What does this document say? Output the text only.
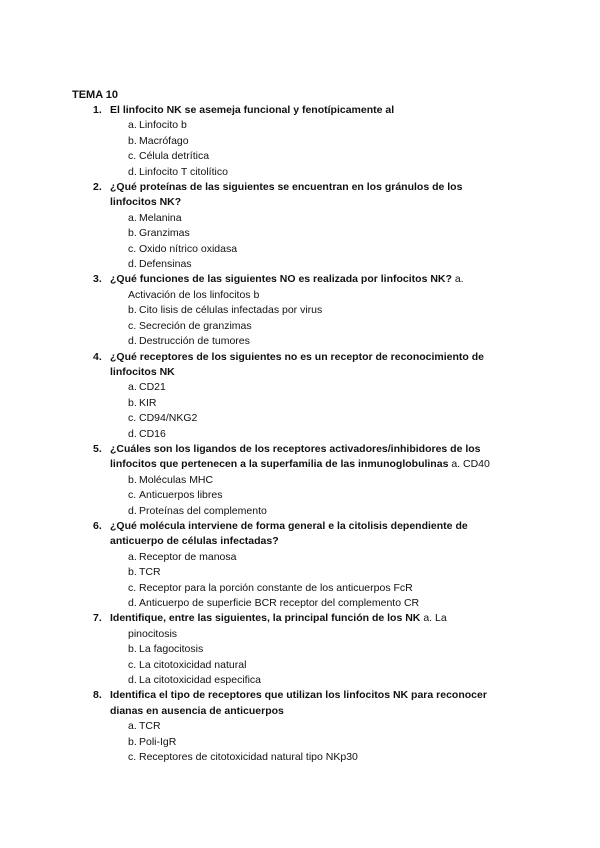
TEMA 10
1. El linfocito NK se asemeja funcional y fenotípicamente al
a. Linfocito b
b. Macrófago
c. Célula detrítica
d. Linfocito T citolítico
2. ¿Qué proteínas de las siguientes se encuentran en los gránulos de los linfocitos NK?
a. Melanina
b. Granzimas
c. Oxido nítrico oxidasa
d. Defensinas
3. ¿Qué funciones de las siguientes NO es realizada por linfocitos NK? a.
Activación de los linfocitos b
b. Cito lisis de células infectadas por virus
c. Secreción de granzimas
d. Destrucción de tumores
4. ¿Qué receptores de los siguientes no es un receptor de reconocimiento de linfocitos NK
a. CD21
b. KIR
c. CD94/NKG2
d. CD16
5. ¿Cuáles son los ligandos de los receptores activadores/inhibidores de los linfocitos que pertenecen a la superfamilia de las inmunoglobulinas a. CD40
b. Moléculas MHC
c. Anticuerpos libres
d. Proteínas del complemento
6. ¿Qué molécula interviene de forma general e la citolisis dependiente de anticuerpo de células infectadas?
a. Receptor de manosa
b. TCR
c. Receptor para la porción constante de los anticuerpos FcR
d. Anticuerpo de superficie BCR receptor del complemento CR
7. Identifique, entre las siguientes, la principal función de los NK a. La
pinocitosis
b. La fagocitosis
c. La citotoxicidad natural
d. La citotoxicidad especifica
8. Identifica el tipo de receptores que utilizan los linfocitos NK para reconocer dianas en ausencia de anticuerpos
a. TCR
b. Poli-IgR
c. Receptores de citotoxicidad natural tipo NKp30
